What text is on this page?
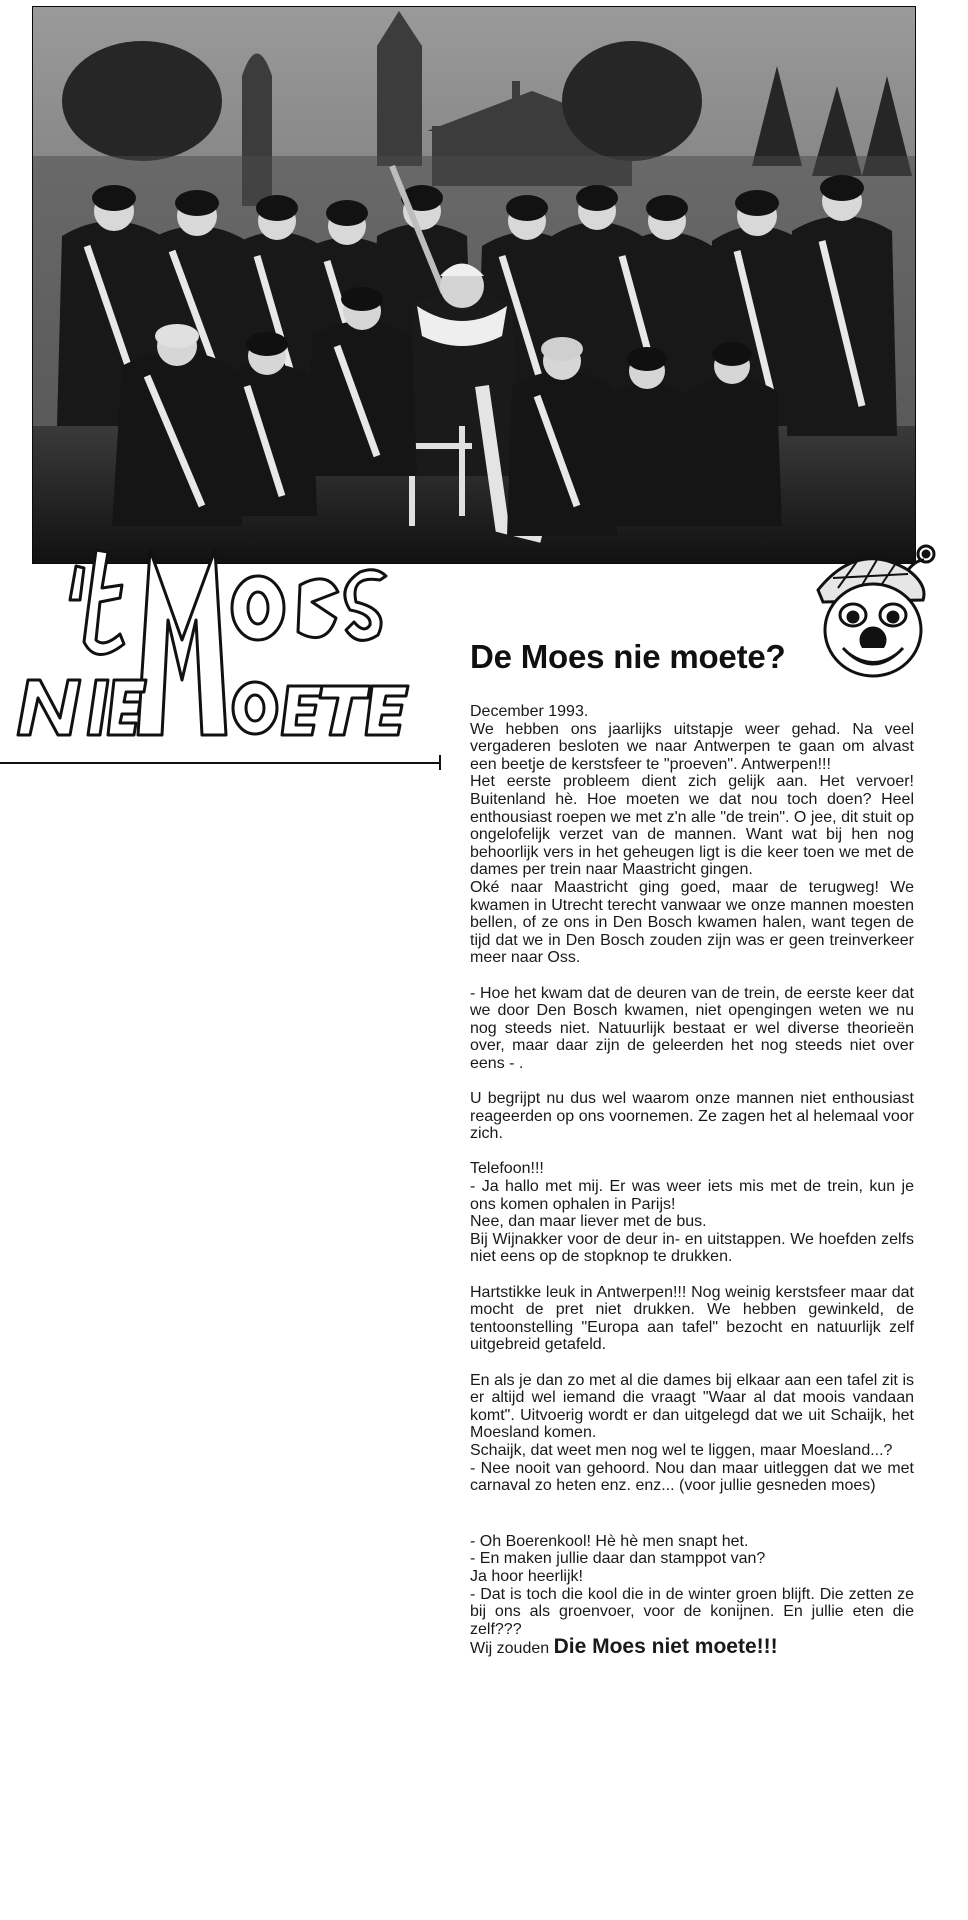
De Moes nie moete?

December 1993.

We hebben ons jaarlijks uitstapje weer gehad. Na veel vergaderen besloten we naar Antwerpen te gaan om alvast een beetje de kerstsfeer te "proeven". Antwerpen!!!

Het eerste probleem dient zich gelijk aan. Het vervoer! Buitenland hè. Hoe moeten we dat nou toch doen? Heel enthousiast roepen we met z'n alle "de trein". O jee, dit stuit op ongelofelijk verzet van de mannen. Want wat bij hen nog behoorlijk vers in het geheugen ligt is die keer toen we met de dames per trein naar Maastricht gingen.

Oké naar Maastricht ging goed, maar de terugweg! We kwamen in Utrecht terecht vanwaar we onze mannen moesten bellen, of ze ons in Den Bosch kwamen halen, want tegen de tijd dat we in Den Bosch zouden zijn was er geen treinverkeer meer naar Oss.

- Hoe het kwam dat de deuren van de trein, de eerste keer dat we door Den Bosch kwamen, niet opengingen weten we nu nog steeds niet. Natuurlijk bestaat er wel diverse theorieën over, maar daar zijn de geleerden het nog steeds niet over eens - .

U begrijpt nu dus wel waarom onze mannen niet enthousiast reageerden op ons voornemen. Ze zagen het al helemaal voor zich.

Telefoon!!!

- Ja hallo met mij. Er was weer iets mis met de trein, kun je ons komen ophalen in Parijs!

Nee, dan maar liever met de bus.

Bij Wijnakker voor de deur in- en uitstappen. We hoefden zelfs niet eens op de stopknop te drukken.

Hartstikke leuk in Antwerpen!!! Nog weinig kerstsfeer maar dat mocht de pret niet drukken. We hebben gewinkeld, de tentoonstelling "Europa aan tafel" bezocht en natuurlijk zelf uitgebreid getafeld.

En als je dan zo met al die dames bij elkaar aan een tafel zit is er altijd wel iemand die vraagt "Waar al dat moois vandaan komt". Uitvoerig wordt er dan uitgelegd dat we uit Schaijk, het Moesland komen.

Schaijk, dat weet men nog wel te liggen, maar Moesland...?

- Nee nooit van gehoord. Nou dan maar uitleggen dat we met carnaval zo heten enz. enz... (voor jullie gesneden moes)

- Oh Boerenkool! Hè hè men snapt het.

- En maken jullie daar dan stamppot van?

Ja hoor heerlijk!

- Dat is toch die kool die in de winter groen blijft. Die zetten ze bij ons als groenvoer, voor de konijnen. En jullie eten die zelf???

Wij zouden Die Moes niet moete!!!
